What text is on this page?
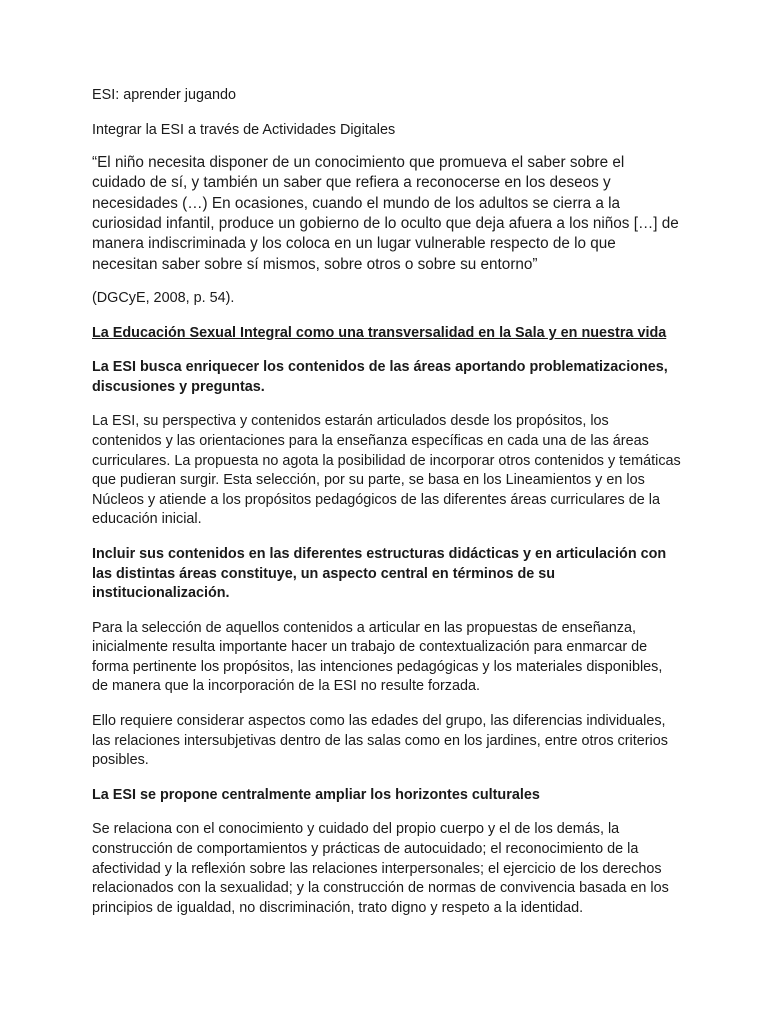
ESI: aprender jugando

Integrar la ESI a través de Actividades Digitales

“El niño necesita disponer de un conocimiento que promueva el saber sobre el cuidado de sí, y también un saber que refiera a reconocerse en los deseos y necesidades (…) En ocasiones, cuando el mundo de los adultos se cierra a la curiosidad infantil, produce un gobierno de lo oculto que deja afuera a los niños […] de manera indiscriminada y los coloca en un lugar vulnerable respecto de lo que necesitan saber sobre sí mismos, sobre otros o sobre su entorno”

(DGCyE, 2008, p. 54).

La Educación Sexual Integral como una transversalidad en la Sala y en nuestra vida

La ESI busca enriquecer los contenidos de las áreas aportando problematizaciones, discusiones y preguntas.

La ESI, su perspectiva y contenidos estarán articulados desde los propósitos, los contenidos y las orientaciones para la enseñanza específicas en cada una de las áreas curriculares. La propuesta no agota la posibilidad de incorporar otros contenidos y temáticas que pudieran surgir. Esta selección, por su parte, se basa en los Lineamientos y en los Núcleos y atiende a los propósitos pedagógicos de las diferentes áreas curriculares de la educación inicial.

Incluir sus contenidos en las diferentes estructuras didácticas y en articulación con las distintas áreas constituye, un aspecto central en términos de su institucionalización.

Para la selección de aquellos contenidos a articular en las propuestas de enseñanza, inicialmente resulta importante hacer un trabajo de contextualización para enmarcar de forma pertinente los propósitos, las intenciones pedagógicas y los materiales disponibles, de manera que la incorporación de la ESI no resulte forzada.

Ello requiere considerar aspectos como las edades del grupo, las diferencias individuales, las relaciones intersubjetivas dentro de las salas como en los jardines, entre otros criterios posibles.

La ESI se propone centralmente ampliar los horizontes culturales

Se relaciona con el conocimiento y cuidado del propio cuerpo y el de los demás, la construcción de comportamientos y prácticas de autocuidado; el reconocimiento de la afectividad y la reflexión sobre las relaciones interpersonales; el ejercicio de los derechos relacionados con la sexualidad; y la construcción de normas de convivencia basada en los principios de igualdad, no discriminación, trato digno y respeto a la identidad.
